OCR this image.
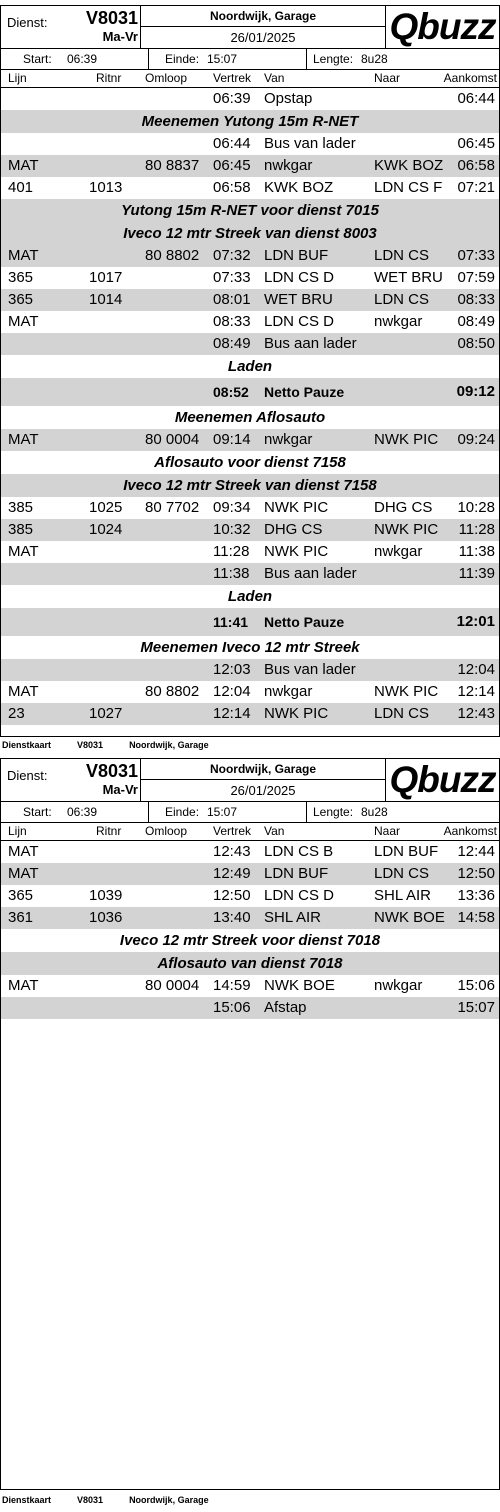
Dienst: V8031
Ma-Vr
Noordwijk, Garage
26/01/2025	Qbuzz
Start: 06:39	Einde: 15:07	Lengte: 8u28
Lijn	Ritnr Omloop Vertrek Van	Naar	Aankomst
06:39 Opstap	06:44
Meenemen Yutong 15m R-NET
06:44 Bus van lader	06:45
MAT	80 8837 06:45 nwkgar	KWK BOZ 06:58
401	1013	06:58 KWK BOZ	LDN CS F 07:21
Yutong 15m R-NET voor dienst 7015
Iveco 12 mtr Streek van dienst 8003
MAT	80 8802 07:32 LDN BUF	LDN CS 07:33
365	1017	07:33 LDN CS D	WET BRU 07:59
365	1014	08:01 WET BRU	LDN CS 08:33
MAT	08:33 LDN CS D	nwkgar 08:49
08:49 Bus aan lader	08:50
Laden
08:52 Netto Pauze	09:12
Meenemen Aflosauto
MAT	80 0004 09:14 nwkgar	NWK PIC 09:24
Aflosauto voor dienst 7158
Iveco 12 mtr Streek van dienst 7158
385	1025 80 7702 09:34 NWK PIC	DHG CS 10:28
385	1024	10:32 DHG CS	NWK PIC 11:28
MAT	11:28 NWK PIC	nwkgar 11:38
11:38 Bus aan lader	11:39
Laden
11:41 Netto Pauze	12:01
Meenemen Iveco 12 mtr Streek
12:03 Bus van lader	12:04
MAT	80 8802 12:04 nwkgar	NWK PIC 12:14
23	1027	12:14 NWK PIC	LDN CS 12:43
Dienstkaart	V8031	Noordwijk, Garage
Dienst: V8031
Ma-Vr
Noordwijk, Garage
26/01/2025	Qbuzz
Start: 06:39	Einde: 15:07	Lengte: 8u28
Lijn	Ritnr Omloop Vertrek Van	Naar	Aankomst
MAT	12:43 LDN CS B	LDN BUF 12:44
MAT	12:49 LDN BUF	LDN CS 12:50
365	1039	12:50 LDN CS D	SHL AIR 13:36
361	1036	13:40 SHL AIR	NWK BOE 14:58
Iveco 12 mtr Streek voor dienst 7018
Aflosauto van dienst 7018
MAT	80 0004 14:59 NWK BOE	nwkgar 15:06
15:06 Afstap	15:07
Dienstkaart	V8031	Noordwijk, Garage
